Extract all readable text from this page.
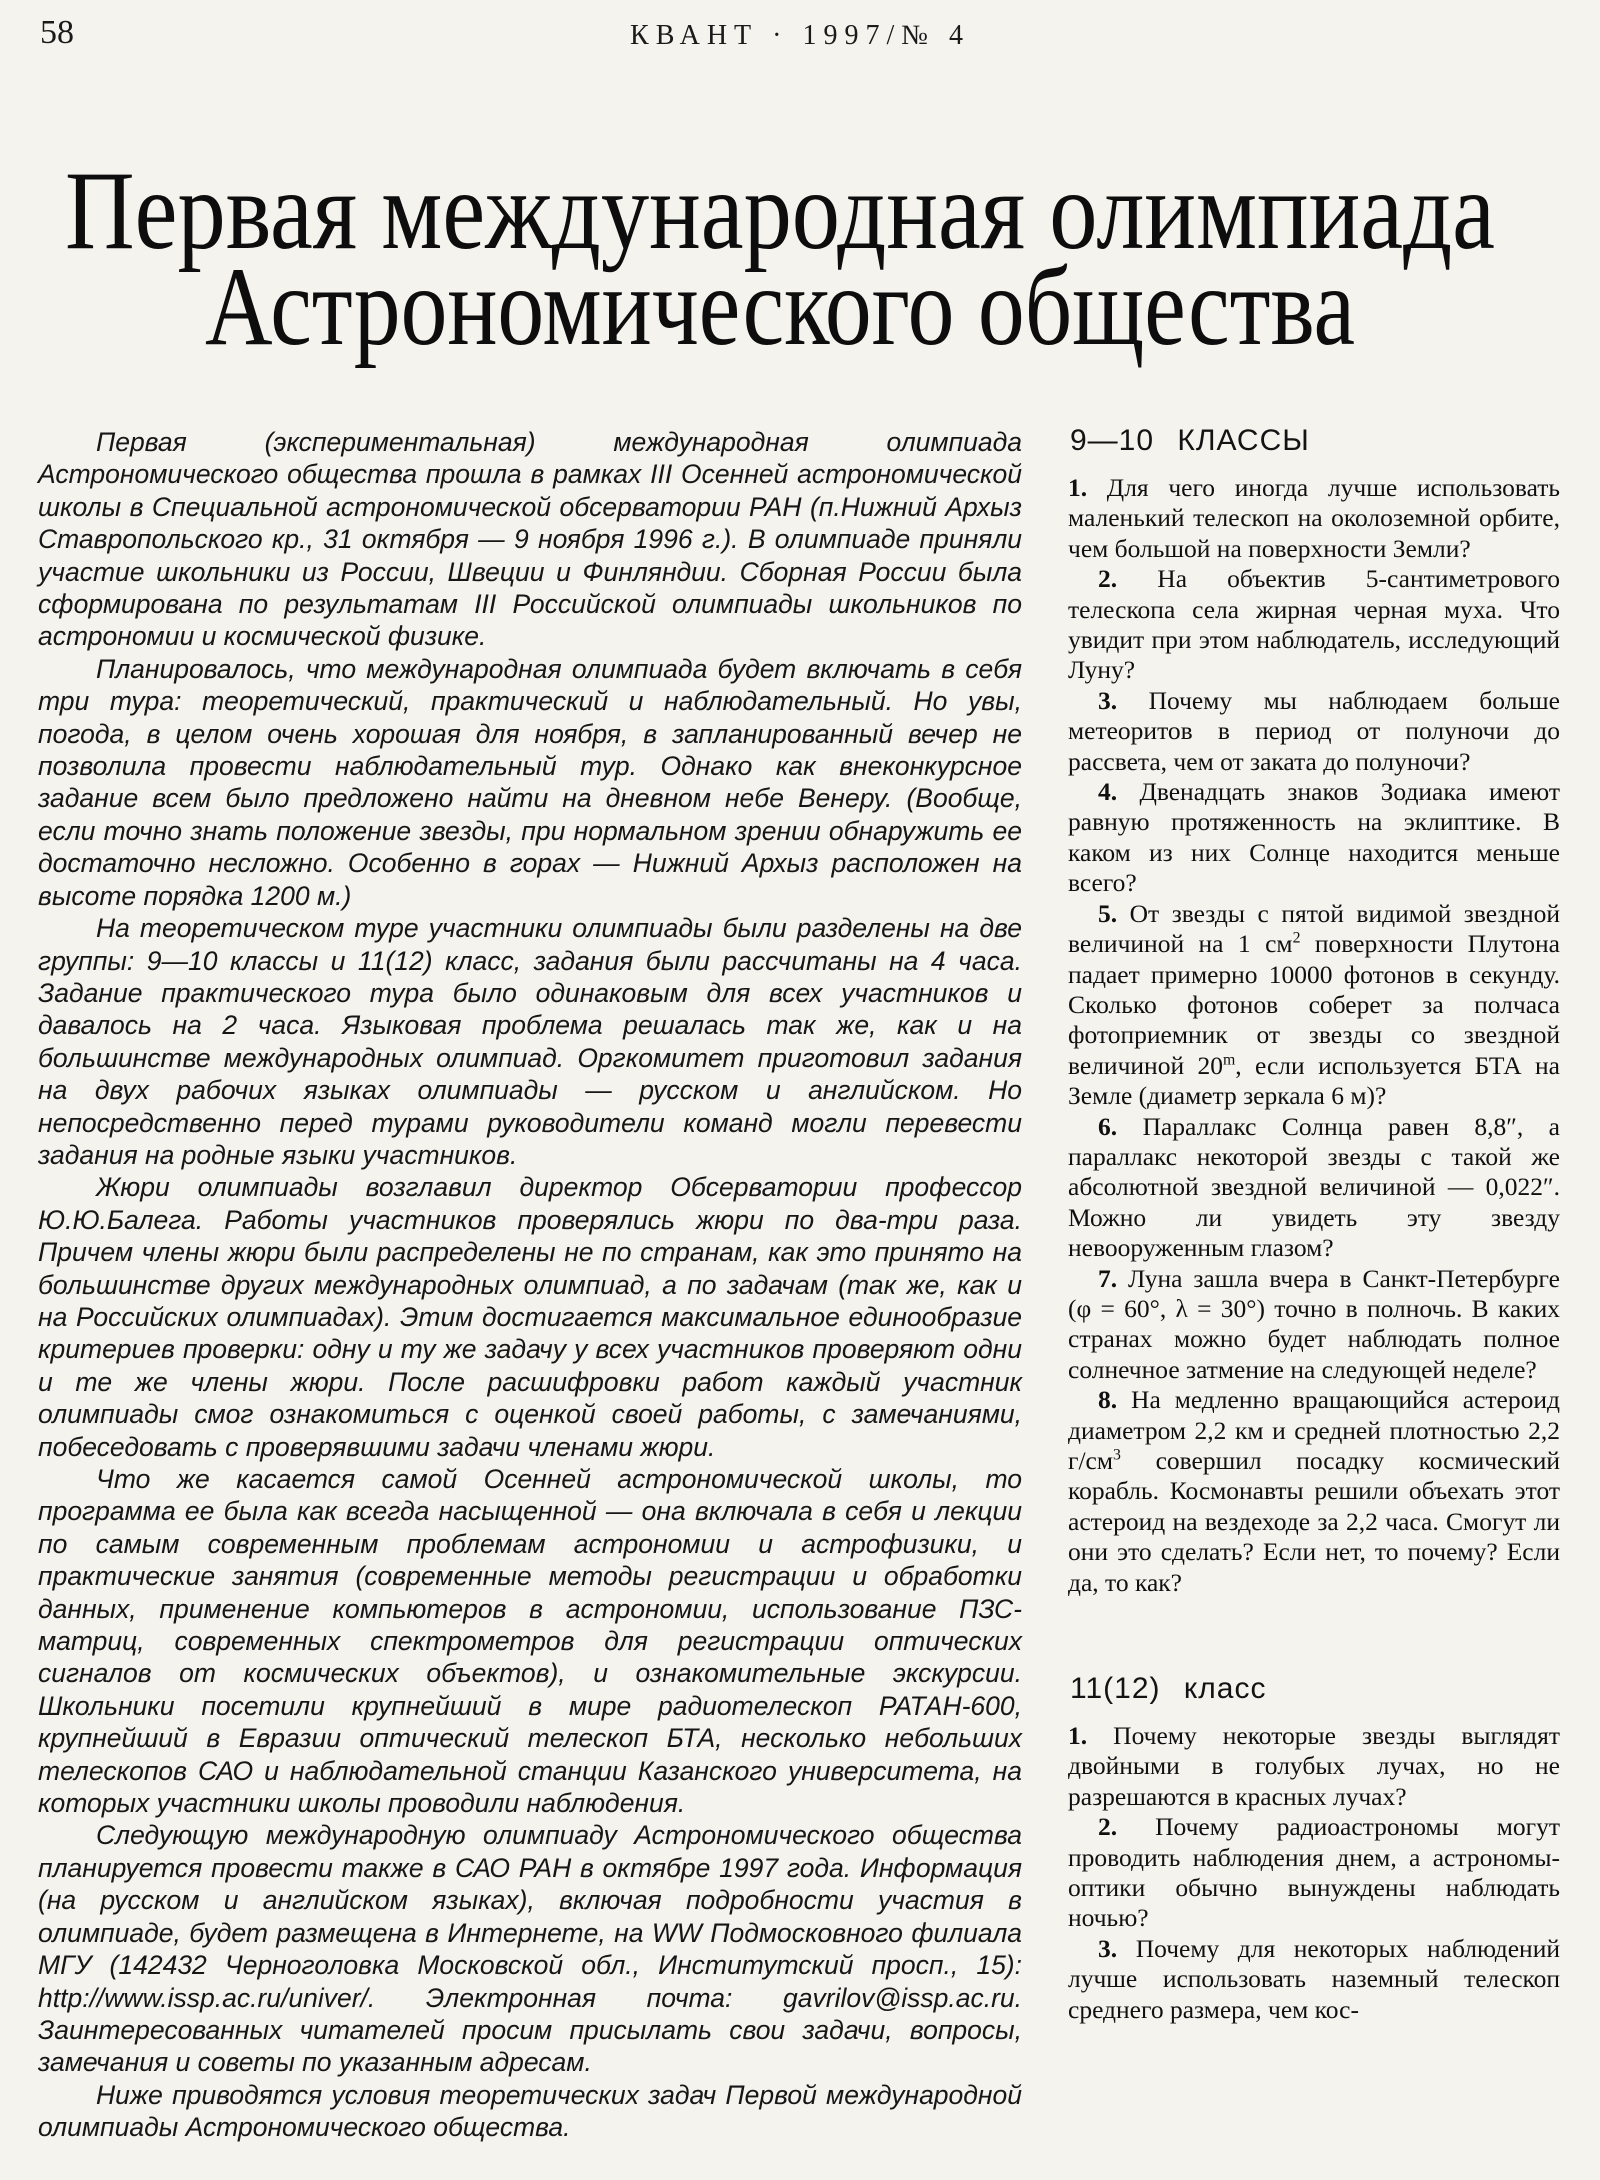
58	КВАНТ · 1997/№ 4
Первая международная олимпиада
Астрономического общества

Первая (экспериментальная) международная олимпиада Астрономического общества прошла в рамках III Осенней астрономической школы в Специальной астрономической обсерватории РАН (п.Нижний Архыз Ставропольского кр., 31 октября — 9 ноября 1996 г.). В олимпиаде приняли участие школьники из России, Швеции и Финляндии. Сборная России была сформирована по результатам III Российской олимпиады школьников по астрономии и космической физике.

Планировалось, что международная олимпиада будет включать в себя три тура: теоретический, практический и наблюдательный. Но увы, погода, в целом очень хорошая для ноября, в запланированный вечер не позволила провести наблюдательный тур. Однако как внеконкурсное задание всем было предложено найти на дневном небе Венеру. (Вообще, если точно знать положение звезды, при нормальном зрении обнаружить ее достаточно несложно. Особенно в горах — Нижний Архыз расположен на высоте порядка 1200 м.)

На теоретическом туре участники олимпиады были разделены на две группы: 9—10 классы и 11(12) класс, задания были рассчитаны на 4 часа. Задание практического тура было одинаковым для всех участников и давалось на 2 часа. Языковая проблема решалась так же, как и на большинстве международных олимпиад. Оргкомитет приготовил задания на двух рабочих языках олимпиады — русском и английском. Но непосредственно перед турами руководители команд могли перевести задания на родные языки участников.

Жюри олимпиады возглавил директор Обсерватории профессор Ю.Ю.Балега. Работы участников проверялись жюри по два-три раза. Причем члены жюри были распределены не по странам, как это принято на большинстве других международных олимпиад, а по задачам (так же, как и на Российских олимпиадах). Этим достигается максимальное единообразие критериев проверки: одну и ту же задачу у всех участников проверяют одни и те же члены жюри. После расшифровки работ каждый участник олимпиады смог ознакомиться с оценкой своей работы, с замечаниями, побеседовать с проверявшими задачи членами жюри.

Что же касается самой Осенней астрономической школы, то программа ее была как всегда насыщенной — она включала в себя и лекции по самым современным проблемам астрономии и астрофизики, и практические занятия (современные методы регистрации и обработки данных, применение компьютеров в астрономии, использование ПЗС-матриц, современных спектрометров для регистрации оптических сигналов от космических объектов), и ознакомительные экскурсии. Школьники посетили крупнейший в мире радиотелескоп РАТАН-600, крупнейший в Евразии оптический телескоп БТА, несколько небольших телескопов САО и наблюдательной станции Казанского университета, на которых участники школы проводили наблюдения.

Следующую международную олимпиаду Астрономического общества планируется провести также в САО РАН в октябре 1997 года. Информация (на русском и английском языках), включая подробности участия в олимпиаде, будет размещена в Интернете, на WW Подмосковного филиала МГУ (142432 Черноголовка Московской обл., Институтский просп., 15): http://www.issp.ac.ru/univer/. Электронная почта: gavrilov@issp.ac.ru. Заинтересованных читателей просим присылать свои задачи, вопросы, замечания и советы по указанным адресам.

Ниже приводятся условия теоретических задач Первой международной олимпиады Астрономического общества.

9—10 КЛАССЫ

1. Для чего иногда лучше использовать маленький телескоп на околоземной орбите, чем большой на поверхности Земли?

2. На объектив 5-сантиметрового телескопа села жирная черная муха. Что увидит при этом наблюдатель, исследующий Луну?

3. Почему мы наблюдаем больше метеоритов в период от полуночи до рассвета, чем от заката до полуночи?

4. Двенадцать знаков Зодиака имеют равную протяженность на эклиптике. В каком из них Солнце находится меньше всего?

5. От звезды с пятой видимой звездной величиной на 1 $см^2$ поверхности Плутона падает примерно 10000 фотонов в секунду. Сколько фотонов соберет за полчаса фотоприемник от звезды со звездной величиной 20$^m$, если используется БТА на Земле (диаметр зеркала 6 м)?

6. Параллакс Солнца равен 8,8″, а параллакс некоторой звезды с такой же абсолютной звездной величиной — 0,022″. Можно ли увидеть эту звезду невооруженным глазом?

7. Луна зашла вчера в Санкт-Петербурге (φ = 60°, λ = 30°) точно в полночь. В каких странах можно будет наблюдать полное солнечное затмение на следующей неделе?

8. На медленно вращающийся астероид диаметром 2,2 км и средней плотностью 2,2 $г/см^3$ совершил посадку космический корабль. Космонавты решили объехать этот астероид на вездеходе за 2,2 часа. Смогут ли они это сделать? Если нет, то почему? Если да, то как?

11(12) класс

1. Почему некоторые звезды выглядят двойными в голубых лучах, но не разрешаются в красных лучах?

2. Почему радиоастрономы могут проводить наблюдения днем, а астрономы-оптики обычно вынуждены наблюдать ночью?

3. Почему для некоторых наблюдений лучше использовать наземный телескоп среднего размера, чем кос-
